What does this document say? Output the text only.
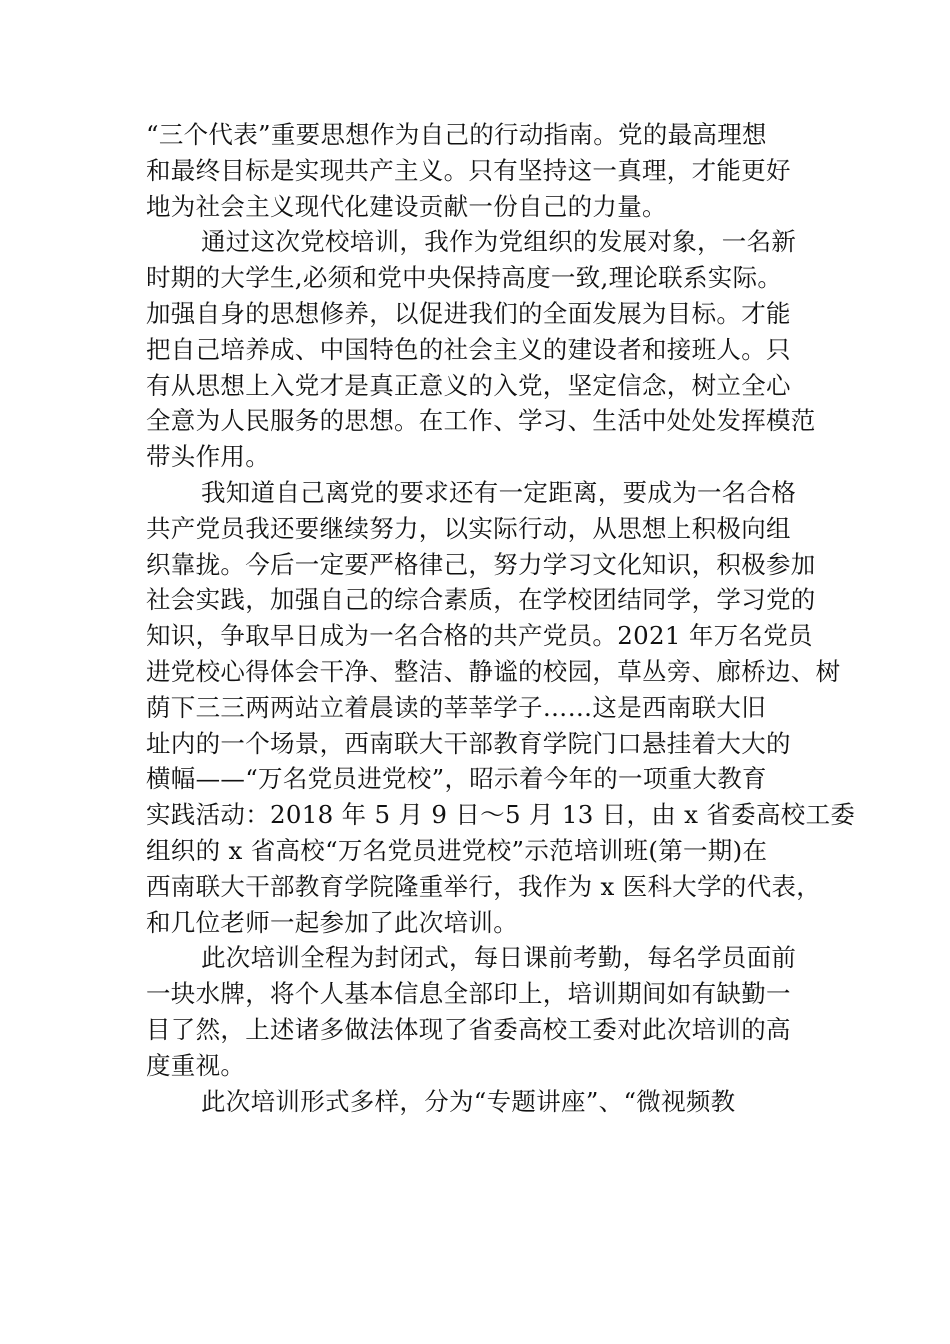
“三个代表”重要思想作为自己的行动指南。党的最高理想
和最终目标是实现共产主义。只有坚持这一真理，才能更好
地为社会主义现代化建设贡献一份自己的力量。
通过这次党校培训，我作为党组织的发展对象，一名新
时期的大学生,必须和党中央保持高度一致,理论联系实际。
加强自身的思想修养，以促进我们的全面发展为目标。才能
把自己培养成、中国特色的社会主义的建设者和接班人。只
有从思想上入党才是真正意义的入党，坚定信念，树立全心
全意为人民服务的思想。在工作、学习、生活中处处发挥模范
带头作用。
我知道自己离党的要求还有一定距离，要成为一名合格
共产党员我还要继续努力，以实际行动，从思想上积极向组
织靠拢。今后一定要严格律己，努力学习文化知识，积极参加
社会实践，加强自己的综合素质，在学校团结同学，学习党的
知识，争取早日成为一名合格的共产党员。2021 年万名党员
进党校心得体会干净、整洁、静谧的校园，草丛旁、廊桥边、树
荫下三三两两站立着晨读的莘莘学子……这是西南联大旧
址内的一个场景，西南联大干部教育学院门口悬挂着大大的
横幅——“万名党员进党校”，昭示着今年的一项重大教育
实践活动：2018 年 5 月 9 日～5 月 13 日，由 x 省委高校工委
组织的 x 省高校“万名党员进党校”示范培训班(第一期)在
西南联大干部教育学院隆重举行，我作为 x 医科大学的代表，
和几位老师一起参加了此次培训。
此次培训全程为封闭式，每日课前考勤，每名学员面前
一块水牌，将个人基本信息全部印上，培训期间如有缺勤一
目了然，上述诸多做法体现了省委高校工委对此次培训的高
度重视。
此次培训形式多样，分为“专题讲座”、“微视频教
